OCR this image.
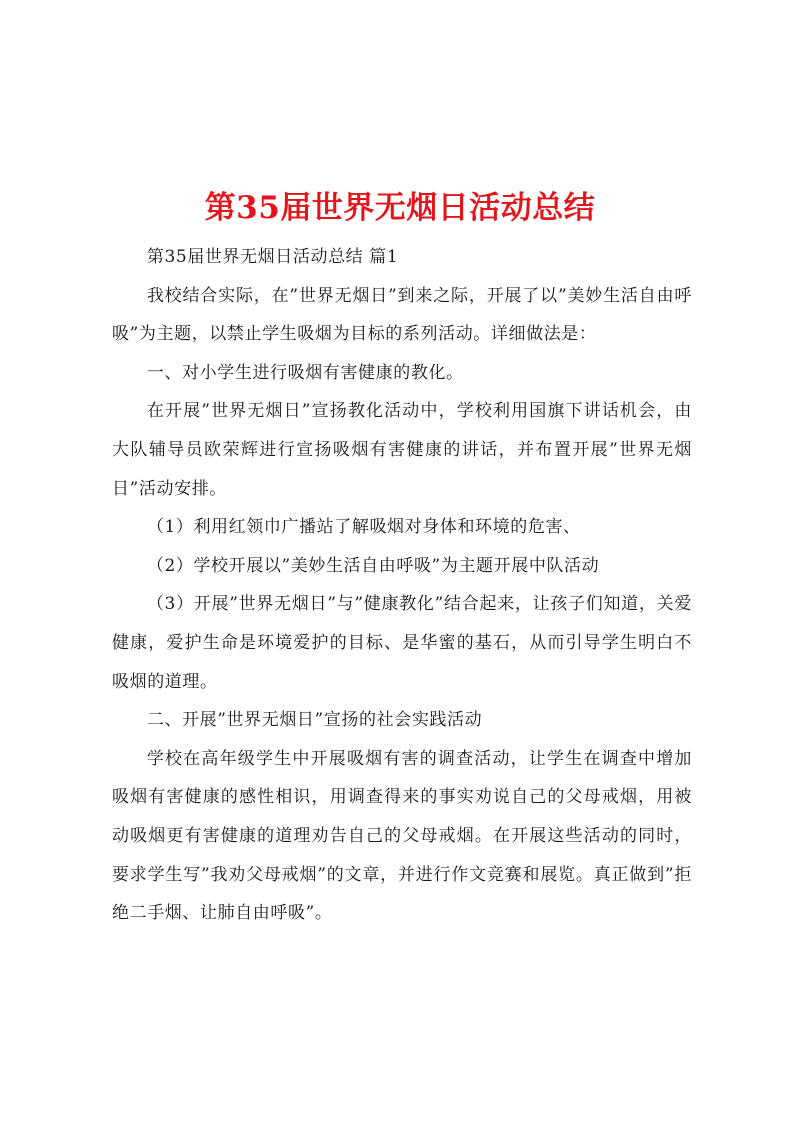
第35届世界无烟日活动总结

第35届世界无烟日活动总结 篇1

我校结合实际，在”世界无烟日”到来之际，开展了以”美妙生活自由呼吸”为主题，以禁止学生吸烟为目标的系列活动。详细做法是：

一、对小学生进行吸烟有害健康的教化。

在开展”世界无烟日”宣扬教化活动中，学校利用国旗下讲话机会，由大队辅导员欧荣辉进行宣扬吸烟有害健康的讲话，并布置开展”世界无烟日”活动安排。

（1）利用红领巾广播站了解吸烟对身体和环境的危害、

（2）学校开展以”美妙生活自由呼吸”为主题开展中队活动

（3）开展”世界无烟日”与”健康教化”结合起来，让孩子们知道，关爱健康，爱护生命是环境爱护的目标、是华蜜的基石，从而引导学生明白不吸烟的道理。

二、开展”世界无烟日”宣扬的社会实践活动

学校在高年级学生中开展吸烟有害的调查活动，让学生在调查中增加吸烟有害健康的感性相识，用调查得来的事实劝说自己的父母戒烟，用被动吸烟更有害健康的道理劝告自己的父母戒烟。在开展这些活动的同时，要求学生写”我劝父母戒烟”的文章，并进行作文竞赛和展览。真正做到”拒绝二手烟、让肺自由呼吸”。
